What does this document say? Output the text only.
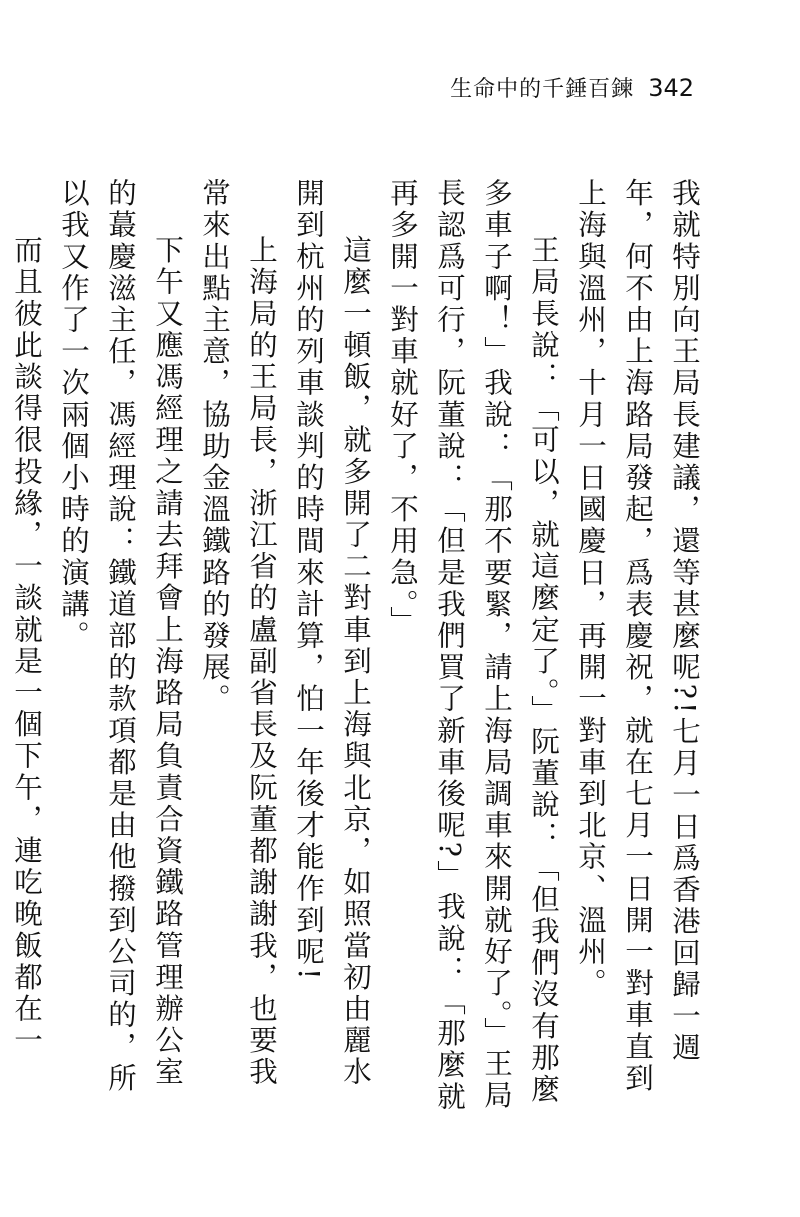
生命中的千錘百鍊 342

我就特別向王局長建議，還等甚麼呢?!七月一日爲香港回歸一週年，何不由上海路局發起，爲表慶祝，就在七月一日開一對車直到上海與溫州，十月一日國慶日，再開一對車到北京、溫州。

王局長說：「可以，就這麼定了。」阮董說：「但我們沒有那麼多車子啊！」我說：「那不要緊，請上海局調車來開就好了。」王局長認爲可行，阮董說：「但是我們買了新車後呢?」我說：「那麼就再多開一對車就好了，不用急。」

這麼一頓飯，就多開了二對車到上海與北京，如照當初由麗水開到杭州的列車談判的時間來計算，怕一年後才能作到呢!

上海局的王局長，浙江省的盧副省長及阮董都謝謝我，也要我常來出點主意，協助金溫鐵路的發展。

下午又應馮經理之請去拜會上海路局負責合資鐵路管理辦公室的蕞慶滋主任，馮經理說：鐵道部的款項都是由他撥到公司的，所以我又作了一次兩個小時的演講。

而且彼此談得很投緣，一談就是一個下午，連吃晚飯都在一
